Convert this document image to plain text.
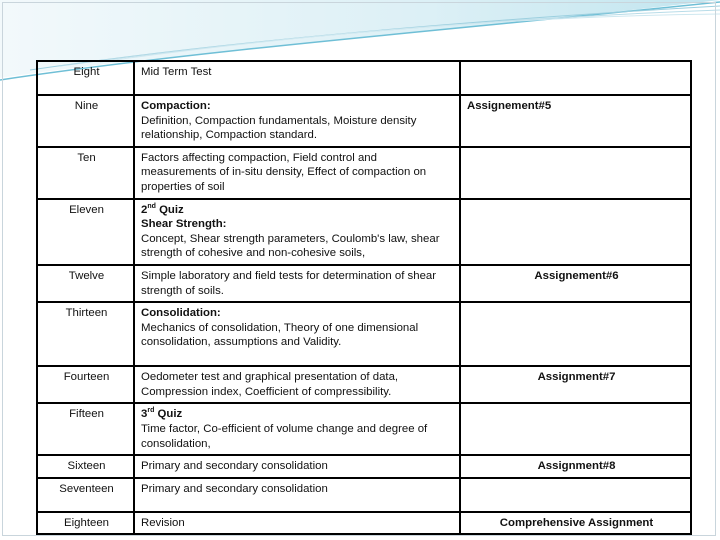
Eight	Mid Term Test	

Nine	Compaction:
Definition, Compaction fundamentals, Moisture density relationship, Compaction standard.	Assignement#5
Ten	Factors affecting compaction, Field control and measurements of in-situ density, Effect of compaction on properties of soil	

Eleven	2nd Quiz
Shear Strength:
Concept, Shear strength parameters, Coulomb's law, shear strength of cohesive and non-cohesive soils,	

Twelve	Simple laboratory and field tests for determination of shear strength of soils.	Assignement#6
Thirteen	Consolidation:
Mechanics of consolidation, Theory of one dimensional consolidation, assumptions and Validity.	

Fourteen	Oedometer test and graphical presentation of data, Compression index, Coefficient of compressibility.	Assignment#7
Fifteen	3rd Quiz
Time factor, Co-efficient of volume change and degree of consolidation,	

Sixteen	Primary and secondary consolidation	Assignment#8
Seventeen	Primary and secondary consolidation	

Eighteen	Revision	Comprehensive Assignment
